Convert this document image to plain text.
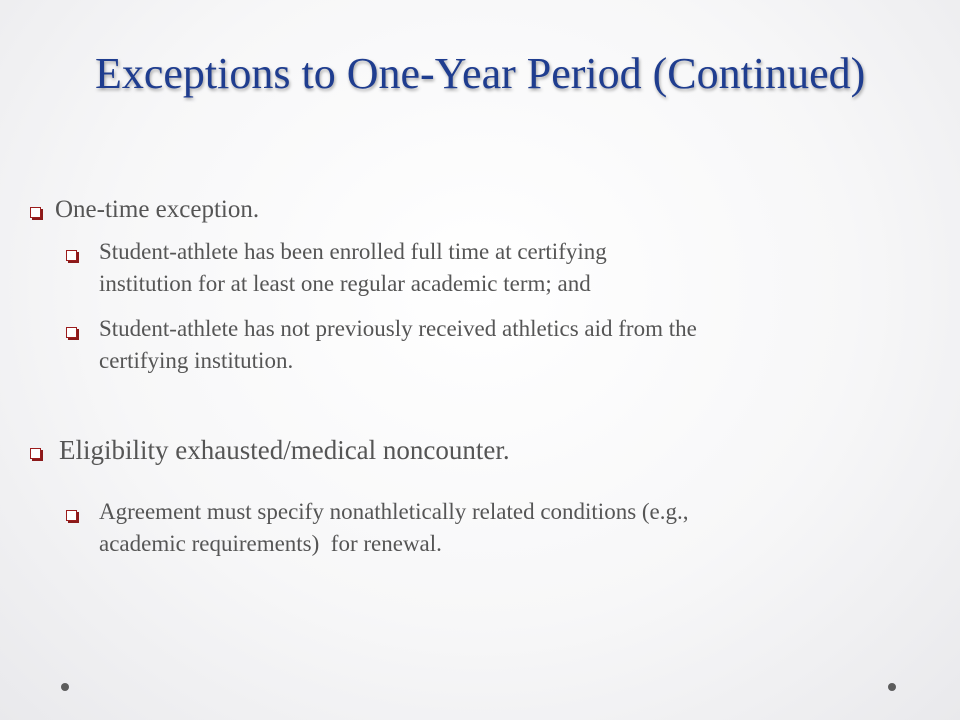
Exceptions to One-Year Period (Continued)
One-time exception.
Student-athlete has been enrolled full time at certifying
institution for at least one regular academic term; and
Student-athlete has not previously received athletics aid from the
certifying institution.
Eligibility exhausted/medical noncounter.
Agreement must specify nonathletically related conditions (e.g.,
academic requirements)  for renewal.
